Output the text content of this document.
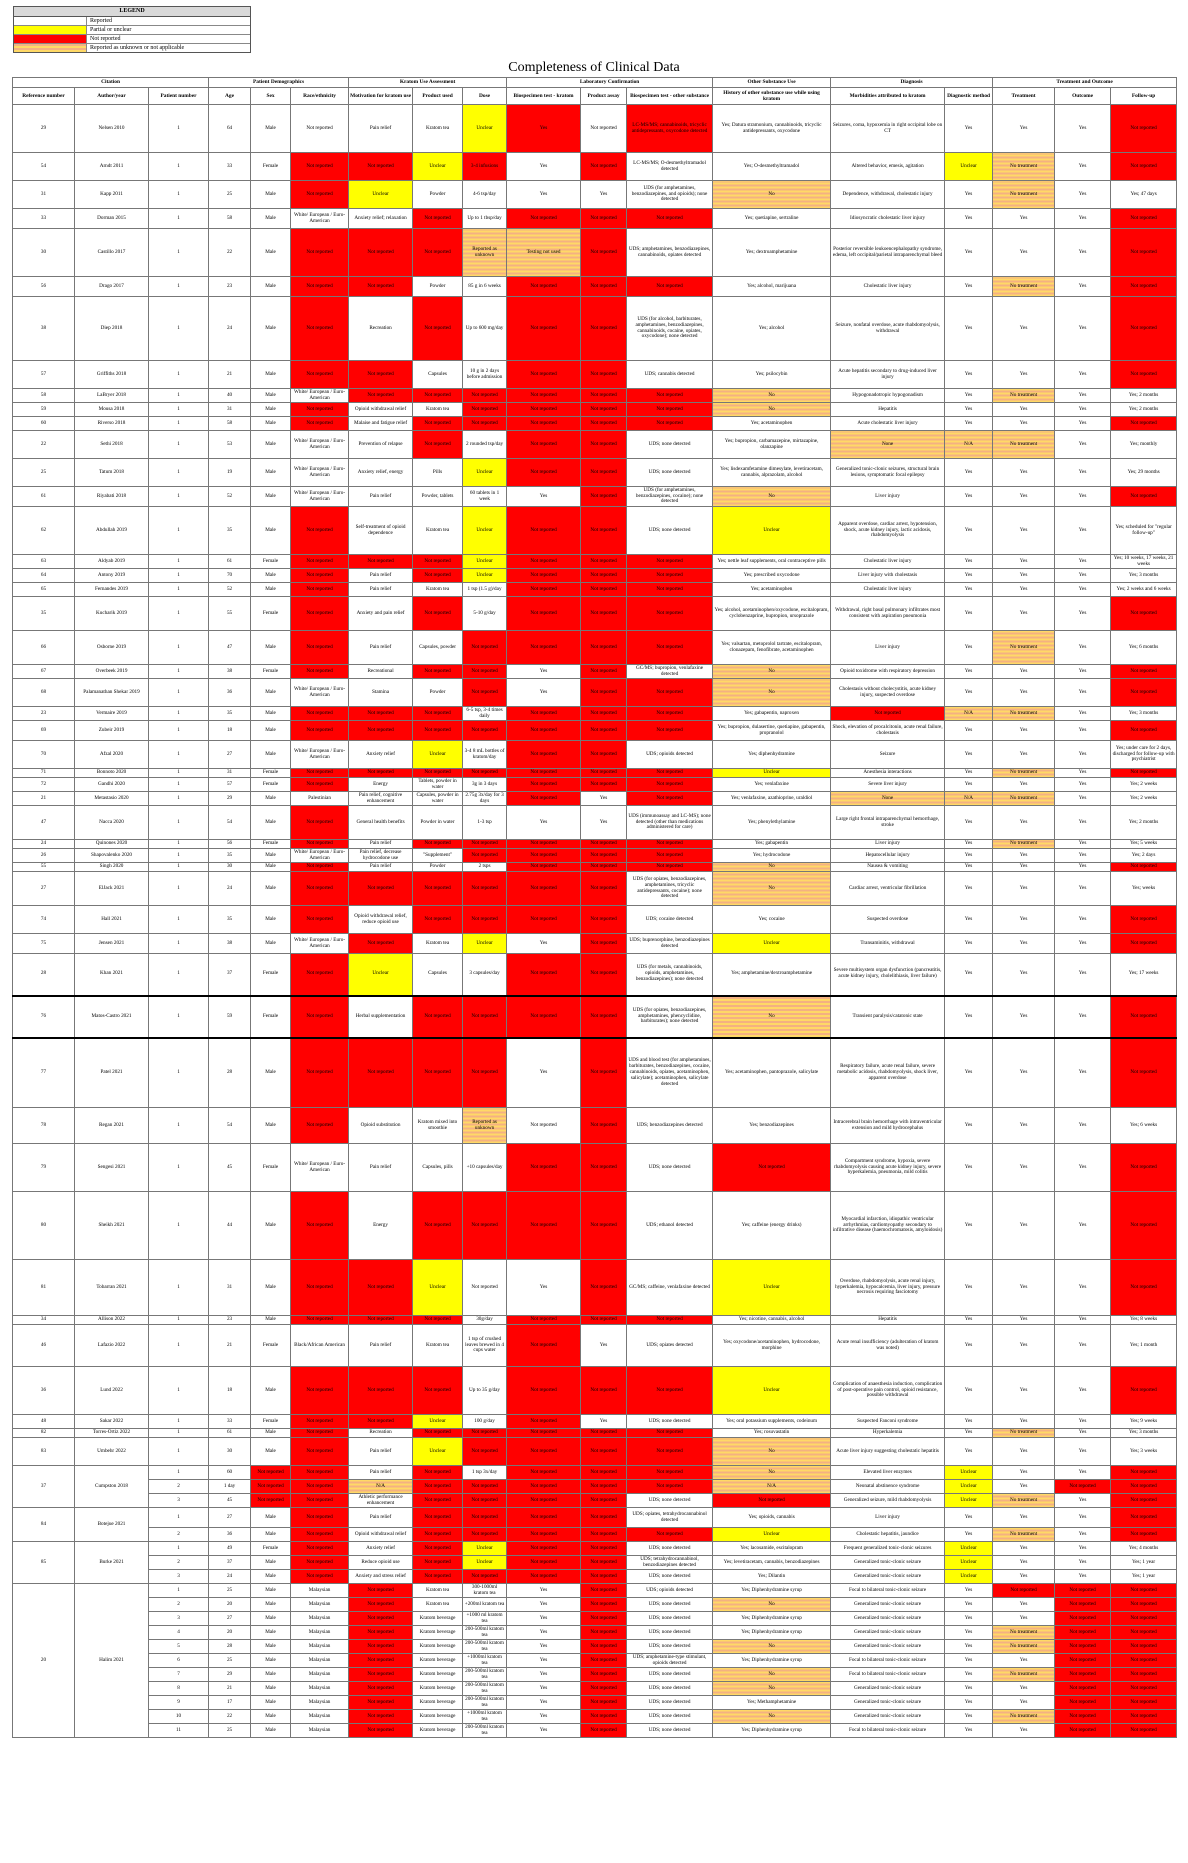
LEGEND
Reported
Partial or unclear
Not reported
Reported as unknown or not applicable
Completeness of Clinical Data
Citation			Patient Demographics			Kratom Use Assessment			Laboratory Confirmation			Other Substance Use	Diagnosis		Treatment and Outcome		
Reference number	Author/year	Patient number	Age	Sex	Race/ethnicity	Motivation for kratom use	Product used	Dose	Biospecimen test - kratom	Product assay	Biospecimen test - other substance	History of other substance use while using kratom	Morbidities attributed to kratom	Diagnostic method	Treatment	Outcome	Follow-up
29	Nelsen 2010	1	64	Male	Not reported	Pain relief	Kratom tea	Unclear	Yes	Not reported	LC-MS/MS; cannabinoids, tricyclic antidepressants, oxycodone detected	Yes; Datura stramonium, cannabinoids, tricyclic antidepressants, oxycodone	Seizures, coma, hypoxemia in right occipital lobe on CT	Yes	Yes	Yes	Not reported
54	Arndt 2011	1	33	Female	Not reported	Not reported	Unclear	3-4 infusions	Yes	Not reported	LC-MS/MS; O-desmethyltramadol detected	Yes; O-desmethyltramadol	Altered behavior, emesis, agitation	Unclear	No treatment	Yes	Not reported
31	Kapp 2011	1	25	Male	Not reported	Unclear	Powder	4-6 tsp/day	Yes	Yes	UDS (for amphetamines, benzodiazepines, and opioids); none detected	No	Dependence, withdrawal, cholestatic injury	Yes	No treatment	Yes	Yes; 47 days
33	Dorman 2015	1	58	Male	White/ European / Euro-American	Anxiety relief; relaxation	Not reported	Up to 1 tbsp/day	Not reported	Not reported	Not reported	Yes; quetiapine, sertraline	Idiosyncratic cholestatic liver injury	Yes	Yes	Yes	Not reported
30	Castillo 2017	1	22	Male	Not reported	Not reported	Not reported	Reported as unknown	Testing not used	Not reported	UDS; amphetamines, benzodiazepines, cannabinoids, opiates detected	Yes; dextroamphetamine	Posterior reversible leukoencephalopathy syndrome, edema, left occipital/parietal intraparenchymal bleed	Yes	Yes	Yes	Not reported
56	Drago 2017	1	23	Male	Not reported	Not reported	Powder	85 g in 6 weeks	Not reported	Not reported	Not reported	Yes; alcohol, marijuana	Cholestatic liver injury	Yes	No treatment	Yes	Not reported
38	Diep 2018	1	24	Male	Not reported	Recreation	Not reported	Up to 600 mg/day	Not reported	Not reported	UDS (for alcohol, barbiturates, amphetamines, benzodiazepines, cannabinoids, cocaine, opiates, oxycodone); none detected	Yes; alcohol	Seizure, nonfatal overdose, acute rhabdomyolysis, withdrawal	Yes	Yes	Yes	Not reported
57	Griffiths 2018	1	21	Male	Not reported	Not reported	Capsules	10 g in 2 days before admission	Not reported	Not reported	UDS; cannabis detected	Yes; psilocybin	Acute hepatitis secondary to drug-induced liver injury	Yes	Yes	Yes	Not reported
58	LaBryer 2018	1	40	Male	White/ European / Euro-American	Not reported	Not reported	Not reported	Not reported	Not reported	Not reported	No	Hypogonadotropic hypogonadism	Yes	No treatment	Yes	Yes; 2 months
59	Mousa 2018	1	31	Male	Not reported	Opioid withdrawal relief	Kratom tea	Not reported	Not reported	Not reported	Not reported	No	Hepatitis	Yes	Yes	Yes	Yes; 2 months
60	Riverso 2018	1	58	Male	Not reported	Malaise and fatigue relief	Not reported	Not reported	Not reported	Not reported	Not reported	Yes; acetaminophen	Acute cholestatic liver injury	Yes	Yes	Yes	Not reported
22	Sethi 2018	1	53	Male	White/ European / Euro-American	Prevention of relapse	Not reported	2 rounded tsp/day	Not reported	Not reported	UDS; none detected	Yes; bupropion, carbamazepine, mirtazapine, olanzapine	None	N/A	No treatment	Yes	Yes; monthly
25	Tatum 2018	1	19	Male	White/ European / Euro-American	Anxiety relief, energy	Pills	Unclear	Not reported	Not reported	UDS; none detected	Yes; lisdexamfetamine dimesylate, levetiracetam, cannabis, alprazolam, alcohol	Generalized tonic-clonic seizures, structural brain lesions, symptomatic focal epilepsy	Yes	Yes	Yes	Yes; 29 months
61	Riyabati 2018	1	52	Male	White/ European / Euro-American	Pain relief	Powder, tablets	60 tablets in 1 week	Yes	Not reported	UDS (for amphetamines, benzodiazepines, cocaine); none detected	No	Liver injury	Yes	Yes	Yes	Not reported
62	Abdullah 2019	1	35	Male	Not reported	Self-treatment of opioid dependence	Kratom tea	Unclear	Not reported	Not reported	UDS; none detected	Unclear	Apparent overdose, cardiac arrest, hypotension, shock, acute kidney injury, lactic acidosis, rhabdomyolysis	Yes	Yes	Yes	Yes; scheduled for "regular follow-up"
63	Aldyab 2019	1	61	Female	Not reported	Not reported	Not reported	Unclear	Not reported	Not reported	Not reported	Yes; nettle leaf supplements, oral contraceptive pills	Cholestatic liver injury	Yes	Yes	Yes	Yes; 10 weeks, 17 weeks, 21 weeks
64	Antony 2019	1	70	Male	Not reported	Pain relief	Not reported	Unclear	Not reported	Not reported	Not reported	Yes; prescribed oxycodone	Liver injury with cholestasis	Yes	Yes	Yes	Yes; 3 months
65	Fernandes 2019	1	52	Male	Not reported	Pain relief	Kratom tea	1 tsp (1.5 g)/day	Not reported	Not reported	Not reported	Yes; acetaminophen	Cholestatic liver injury	Yes	Yes	Yes	Yes; 2 weeks and 6 weeks
35	Kucharik 2019	1	55	Female	Not reported	Anxiety and pain relief	Not reported	5-10 g/day	Not reported	Not reported	Not reported	Yes; alcohol, acetaminophen/oxycodone, escitalopram, cyclobenzaprine, bupropion, ursoprazole	Withdrawal, right basal pulmonary infiltrates most consistent with aspiration pneumonia	Yes	Yes	Yes	Not reported
66	Osborne 2019	1	47	Male	Not reported	Pain relief	Capsules, powder	Not reported	Not reported	Not reported	Not reported	Yes; valsartan, metoprolol tartrate, escitalopram, clonazepam, fenofibrate, acetaminophen	Liver injury	Yes	No treatment	Yes	Yes; 6 months
67	Overbeek 2019	1	38	Female	Not reported	Recreational	Not reported	Not reported	Yes	Not reported	GC/MS; bupropion, venlafaxine detected	No	Opioid toxidrome with respiratory depression	Yes	Yes	Yes	Not reported
68	Palamanathan Shekar 2019	1	36	Male	White/ European / Euro-American	Stamina	Powder	Not reported	Yes	Not reported	Not reported	No	Cholestasis without cholecystitis, acute kidney injury, suspected overdose	Yes	Yes	Yes	Not reported
23	Vermaire 2019	1	35	Male	Not reported	Not reported	Not reported	6-5 tsp, 3-4 times daily	Not reported	Not reported	Not reported	Yes; gabapentin, naproxen	Not reported	N/A	No treatment	Yes	Yes; 3 months
69	Zubeir 2019	1	18	Male	Not reported	Not reported	Not reported	Not reported	Not reported	Not reported	Not reported	Yes; bupropion, dulasertine, quetiapine, gabapentin, propranolol	Shock, elevation of procalcitonin, acute renal failure, cholestasis	Yes	Yes	Yes	Not reported
70	Afzal 2020	1	27	Male	White/ European / Euro-American	Anxiety relief	Unclear	3-4 8 mL bottles of kratom/day	Not reported	Not reported	UDS; opioids detected	Yes; diphenhydramine	Seizure	Yes	Yes	Yes	Yes; under care for 2 days, discharged for follow-up with psychiatrist
71	Bonnoto 2020	1	31	Female	Not reported	Not reported	Not reported	Not reported	Not reported	Not reported	Not reported	Unclear	Anesthesia interactions	Yes	No treatment	Yes	Not reported
72	Gandhi 2020	1	57	Female	Not reported	Energy	Tablets, powder in water	3g in 3 days	Not reported	Not reported	Not reported	Yes; venlafaxine	Severe liver injury	Yes	Yes	Yes	Yes; 2 weeks
21	Metastasio 2020	1	29	Male	Palestinian	Pain relief, cognitive enhancement	Capsules, powder in water	2.75g 3x/day for 3 days	Not reported	Yes	Not reported	Yes; venlafaxine, azathioprine, uraldiol	None	N/A	No treatment	Yes	Yes; 2 weeks
47	Nacca 2020	1	54	Male	Not reported	General health benefits	Powder in water	1-3 tsp	Yes	Yes	UDS (immunoassay and LC-MS); none detected (other than medications administered for care)	Yes; phenylethylamine	Large right frontal intraparenchymal hemorrhage, stroke	Yes	Yes	Yes	Yes; 2 months
24	Quinones 2020	1	56	Female	Not reported	Pain relief	Not reported	Not reported	Not reported	Not reported	Not reported	Yes; gabapentin	Liver injury	Yes	No treatment	Yes	Yes; 5 weeks
26	Shapovalenko 2020	1	35	Male	White/ European / Euro-American	Pain relief, decrease hydrocodone use	"Supplement"	Not reported	Not reported	Not reported	Not reported	Yes; hydrocodone	Hepatocellular injury	Yes	Yes	Yes	Yes; 2 days
55	Singh 2020	1	30	Male	Not reported	Pain relief	Powder	2 tsps	Not reported	Not reported	Not reported	No	Nausea & vomiting	Yes	Yes	Yes	Not reported
27	ElJack 2021	1	24	Male	Not reported	Not reported	Not reported	Not reported	Not reported	Not reported	UDS (for opiates, benzodiazepines, amphetamines, tricyclic antidepressants, cocaine); none detected	No	Cardiac arrest, ventricular fibrillation	Yes	Yes	Yes	Yes; weeks
74	Hall 2021	1	35	Male	Not reported	Opioid withdrawal relief, reduce opioid use	Not reported	Not reported	Not reported	Not reported	UDS; cocaine detected	Yes; cocaine	Suspected overdose	Yes	Yes	Yes	Not reported
75	Jensen 2021	1	38	Male	White/ European / Euro-American	Not reported	Kratom tea	Unclear	Yes	Not reported	UDS; buprenorphine, benzodiazepines detected	Unclear	Transaminitis, withdrawal	Yes	Yes	Yes	Not reported
28	Khan 2021	1	37	Female	Not reported	Unclear	Capsules	3 capsules/day	Not reported	Not reported	UDS (for metals, cannabinoids, opioids, amphetamines, benzodiazepines); none detected	Yes; amphetamine/dextroamphetamine	Severe multisystem organ dysfunction (pancreatitis, acute kidney injury, cholelithiasis, liver failure)	Yes	Yes	Yes	Yes; 17 weeks
76	Matos-Castro 2021	1	59	Female	Not reported	Herbal supplementation	Not reported	Not reported	Not reported	Not reported	UDS (for opiates, benzodiazepines, amphetamines, phencyclidine, barbiturates); none detected	No	Transient paralysis/catatonic state	Yes	Yes	Yes	Not reported
77	Patel 2021	1	28	Male	Not reported	Not reported	Not reported	Not reported	Yes	Not reported	UDS and blood test (for amphetamines, barbiturates, benzodiazepines, cocaine, cannabinoids, opiates, acetaminophen, salicylate); acetaminophen, salicylate detected	Yes; acetaminophen, pantoprazole, salicylate	Respiratory failure, acute renal failure, severe metabolic acidosis, rhabdomyolysis, shock liver, apparent overdose	Yes	Yes	Yes	Not reported
78	Regan 2021	1	54	Male	Not reported	Opioid substitution	Kratom mixed into smoothie	Reported as unknown	Not reported	Not reported	UDS; benzodiazepines detected	Yes; benzodiazepines	Intracerebral brain hemorrhage with intraventricular extension and mild hydrocephalus	Yes	Yes	Yes	Yes; 6 weeks
79	Sengesi 2021	1	45	Female	White/ European / Euro-American	Pain relief	Capsules, pills	+10 capsules/day	Not reported	Not reported	UDS; none detected	Not reported	Compartment syndrome, hypoxia, severe rhabdomyolysis causing acute kidney injury, severe hyperkalemia, pneumonia, mild colitis	Yes	Yes	Yes	Not reported
80	Sheikh 2021	1	44	Male	Not reported	Energy	Not reported	Not reported	Not reported	Not reported	UDS; ethanol detected	Yes; caffeine (energy drinks)	Myocardial infarction, idiopathic ventricular arrhythmias, cardiomyopathy secondary to infiltrative disease (haemochromatosis, amyloidosis)	Yes	Yes	Yes	Not reported
81	Tobarran 2021	1	31	Male	Not reported	Not reported	Unclear	Not reported	Yes	Not reported	GC/MS; caffeine, venlafaxine detected	Unclear	Overdose, rhabdomyolysis, acute renal injury, hyperkalemia, hypocalcemia, liver injury, pressure necrosis requiring fasciotomy	Yes	Yes	Yes	Not reported
34	Allison 2022	1	23	Male	Not reported	Not reported	Not reported	30g/day	Not reported	Not reported	Not reported	Yes; nicotine, cannabis, alcohol	Hepatitis	Yes	Yes	Yes	Yes; 8 weeks
46	Lafazio 2022	1	21	Female	Black/African American	Pain relief	Kratom tea	1 tsp of crushed leaves brewed in 4 cups water	Not reported	Yes	UDS; opiates detected	Yes; oxycodone/acetaminophen, hydrocodone, morphine	Acute renal insufficiency (adulteration of kratom was noted)	Yes	Yes	Yes	Yes; 1 month
36	Lund 2022	1	18	Male	Not reported	Not reported	Not reported	Up to 35 g/day	Not reported	Not reported	Not reported	Unclear	Complication of anaesthesia induction, complication of post-operative pain control, opioid resistance, possible withdrawal	Yes	Yes	Yes	Not reported
48	Sakar 2022	1	33	Female	Not reported	Not reported	Unclear	100 g/day	Not reported	Yes	UDS; none detected	Yes; oral potassium supplements, codeinum	Suspected Fanconi syndrome	Yes	Yes	Yes	Yes; 9 weeks
82	Torres-Ortiz 2022	1	61	Male	Not reported	Recreation	Not reported	Not reported	Not reported	Not reported	Not reported	Yes; rosuvastatin	Hyperkalemia	Yes	No treatment	Yes	Yes; 3 months
83	Umbehr 2022	1	30	Male	Not reported	Pain relief	Unclear	Not reported	Not reported	Not reported	Not reported	No	Acute liver injury suggesting cholestatic hepatitis	Yes	Yes	Yes	Yes; 3 weeks
37	Cumpston 2018	1	60	Not reported	Not reported	Pain relief	Not reported	1 tsp 3x/day	Not reported	Not reported	Not reported	No	Elevated liver enzymes	Unclear	Yes	Yes	Not reported
		2	1 day	Not reported	Not reported	N/A	Not reported	Not reported	Not reported	Not reported	Not reported	N/A	Neonatal abstinence syndrome	Unclear	Yes	Not reported	Not reported
		3	45	Not reported	Not reported	Athletic performance enhancement	Not reported	Not reported	Not reported	Not reported	UDS; none detected	Not reported	Generalized seizure, mild rhabdomyolysis	Unclear	No treatment	Yes	Not reported
84	Botejue 2021	1	27	Male	Not reported	Pain relief	Not reported	Not reported	Not reported	Not reported	UDS; opiates, tetrahydrocannabinol detected	Yes; opioids, cannabis	Liver injury	Yes	Yes	Yes	Not reported
		2	36	Male	Not reported	Opioid withdrawal relief	Not reported	Not reported	Not reported	Not reported	Not reported	Unclear	Cholestatic hepatitis, jaundice	Yes	No treatment	Yes	Not reported
85	Burke 2021	1	49	Female	Not reported	Anxiety relief	Not reported	Unclear	Not reported	Not reported	UDS; none detected	Yes; lacosamide, escitalopram	Frequent generalized tonic-clonic seizures	Unclear	Yes	Yes	Yes; 4 months
		2	37	Male	Not reported	Reduce opioid use	Not reported	Unclear	Not reported	Not reported	UDS; tetrahydrocannabinol, benzodiazepines detected	Yes; levetiracetam, cannabis, benzodiazepines	Generalized tonic-clonic seizure	Unclear	Yes	Yes	Yes; 1 year
		3	24	Male	Not reported	Anxiety and stress relief	Not reported	Not reported	Not reported	Not reported	UDS; none detected	Yes; Dilantin	Generalized tonic-clonic seizure	Unclear	Yes	Yes	Yes; 1 year
20	Halim 2021	1	25	Male	Malaysian	Not reported	Kratom tea	300-1000ml kratom tea	Yes	Not reported	UDS; opioids detected	Yes; Diphenhydramine syrup	Focal to bilateral tonic-clonic seizure	Yes	Not reported	Not reported	Not reported
		2	20	Male	Malaysian	Not reported	Kratom tea	+200ml kratom tea	Yes	Not reported	UDS; none detected	No	Generalized tonic-clonic seizure	Yes	Yes	Not reported	Not reported
		3	27	Male	Malaysian	Not reported	Kratom beverage	+1000 ml kratom tea	Yes	Not reported	UDS; none detected	Yes; Diphenhydramine syrup	Generalized tonic-clonic seizure	Yes	Yes	Not reported	Not reported
		4	20	Male	Malaysian	Not reported	Kratom beverage	200-500ml kratom tea	Yes	Not reported	UDS; none detected	Yes; Diphenhydramine syrup	Generalized tonic-clonic seizure	Yes	No treatment	Not reported	Not reported
		5	28	Male	Malaysian	Not reported	Kratom beverage	200-500ml kratom tea	Yes	Not reported	UDS; none detected	No	Generalized tonic-clonic seizure	Yes	No treatment	Not reported	Not reported
		6	25	Male	Malaysian	Not reported	Kratom beverage	+1000ml kratom tea	Yes	Not reported	UDS; amphetamine-type stimulant, opioids detected	Yes; Diphenhydramine syrup	Focal to bilateral tonic-clonic seizure	Yes	Yes	Not reported	Not reported
		7	29	Male	Malaysian	Not reported	Kratom beverage	200-500ml kratom tea	Yes	Not reported	UDS; none detected	No	Focal to bilateral tonic-clonic seizure	Yes	No treatment	Not reported	Not reported
		8	21	Male	Malaysian	Not reported	Kratom beverage	200-500ml kratom tea	Yes	Not reported	UDS; none detected	No	Generalized tonic-clonic seizure	Yes	Yes	Not reported	Not reported
		9	17	Male	Malaysian	Not reported	Kratom beverage	200-500ml kratom tea	Yes	Not reported	UDS; none detected	Yes; Methamphetamine	Generalized tonic-clonic seizure	Yes	Yes	Not reported	Not reported
		10	22	Male	Malaysian	Not reported	Kratom beverage	+1000ml kratom tea	Yes	Not reported	UDS; none detected	No	Generalized tonic-clonic seizure	Yes	No treatment	Not reported	Not reported
		11	25	Male	Malaysian	Not reported	Kratom beverage	200-500ml kratom tea	Yes	Not reported	UDS; none detected	Yes; Diphenhydramine syrup	Focal to bilateral tonic-clonic seizure	Yes	Yes	Not reported	Not reported
